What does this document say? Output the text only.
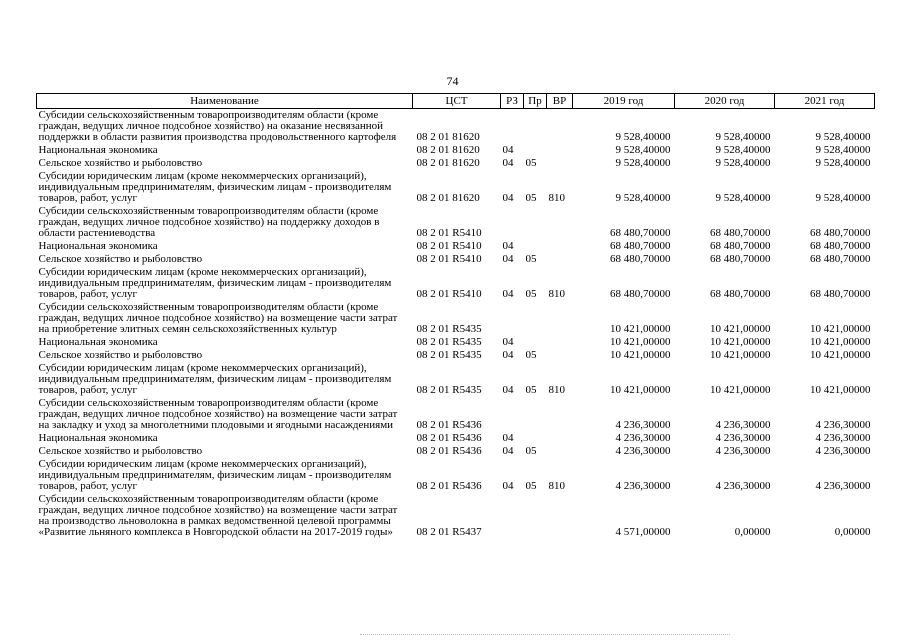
74
Наименование	ЦСТ	РЗ	Пр	ВР	2019 год	2020 год	2021 год
Субсидии сельскохозяйственным товаропроизводителям области (кроме граждан, ведущих личное подсобное хозяйство) на оказание несвязанной поддержки в области развития производства продовольственного картофеля	08 2 01 81620				9 528,40000	9 528,40000	9 528,40000
Национальная экономика	08 2 01 81620	04			9 528,40000	9 528,40000	9 528,40000
Сельское хозяйство и рыболовство	08 2 01 81620	04	05		9 528,40000	9 528,40000	9 528,40000
Субсидии юридическим лицам (кроме некоммерческих организаций), индивидуальным предпринимателям, физическим лицам - производителям товаров, работ, услуг	08 2 01 81620	04	05	810	9 528,40000	9 528,40000	9 528,40000
Субсидии сельскохозяйственным товаропроизводителям области (кроме граждан, ведущих личное подсобное хозяйство) на поддержку доходов в области растениеводства	08 2 01 R5410				68 480,70000	68 480,70000	68 480,70000
Национальная экономика	08 2 01 R5410	04			68 480,70000	68 480,70000	68 480,70000
Сельское хозяйство и рыболовство	08 2 01 R5410	04	05		68 480,70000	68 480,70000	68 480,70000
Субсидии юридическим лицам (кроме некоммерческих организаций), индивидуальным предпринимателям, физическим лицам - производителям товаров, работ, услуг	08 2 01 R5410	04	05	810	68 480,70000	68 480,70000	68 480,70000
Субсидии сельскохозяйственным товаропроизводителям области (кроме граждан, ведущих личное подсобное хозяйство) на возмещение части затрат на приобретение элитных семян сельскохозяйственных культур	08 2 01 R5435				10 421,00000	10 421,00000	10 421,00000
Национальная экономика	08 2 01 R5435	04			10 421,00000	10 421,00000	10 421,00000
Сельское хозяйство и рыболовство	08 2 01 R5435	04	05		10 421,00000	10 421,00000	10 421,00000
Субсидии юридическим лицам (кроме некоммерческих организаций), индивидуальным предпринимателям, физическим лицам - производителям товаров, работ, услуг	08 2 01 R5435	04	05	810	10 421,00000	10 421,00000	10 421,00000
Субсидии сельскохозяйственным товаропроизводителям области (кроме граждан, ведущих личное подсобное хозяйство) на возмещение части затрат на закладку и уход за многолетними плодовыми и ягодными насаждениями	08 2 01 R5436				4 236,30000	4 236,30000	4 236,30000
Национальная экономика	08 2 01 R5436	04			4 236,30000	4 236,30000	4 236,30000
Сельское хозяйство и рыболовство	08 2 01 R5436	04	05		4 236,30000	4 236,30000	4 236,30000
Субсидии юридическим лицам (кроме некоммерческих организаций), индивидуальным предпринимателям, физическим лицам - производителям товаров, работ, услуг	08 2 01 R5436	04	05	810	4 236,30000	4 236,30000	4 236,30000
Субсидии сельскохозяйственным товаропроизводителям области (кроме граждан, ведущих личное подсобное хозяйство) на возмещение части затрат на производство льноволокна в рамках ведомственной целевой программы «Развитие льняного комплекса в Новгородской области на 2017-2019 годы»	08 2 01 R5437				4 571,00000	0,00000	0,00000
